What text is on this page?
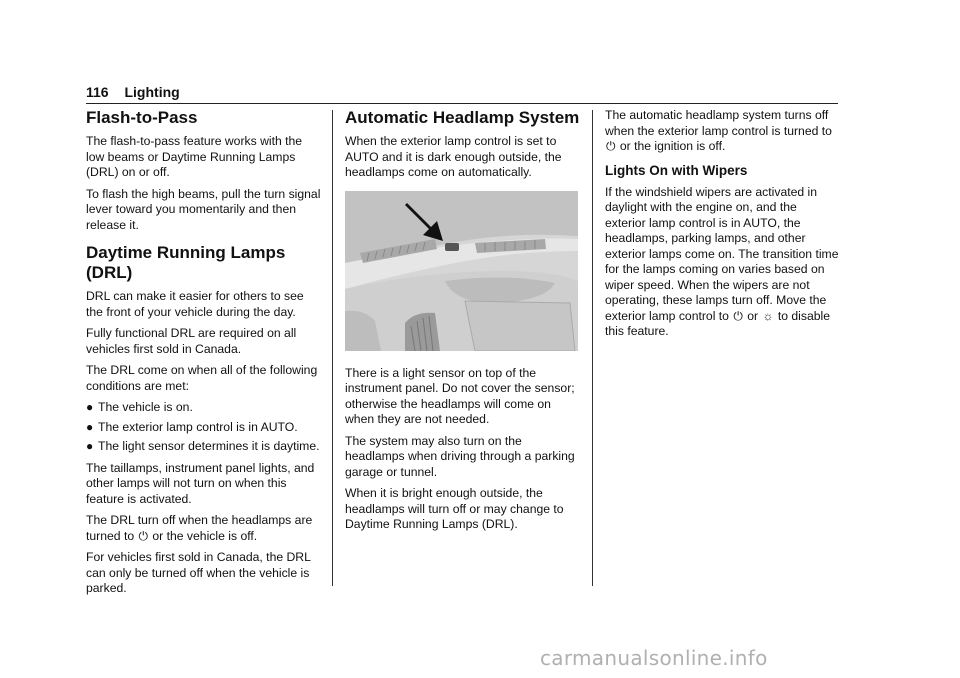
116 Lighting
Flash-to-Pass

The flash-to-pass feature works with the low beams or Daytime Running Lamps (DRL) on or off.

To flash the high beams, pull the turn signal lever toward you momentarily and then release it.

Daytime Running Lamps (DRL)

DRL can make it easier for others to see the front of your vehicle during the day.

Fully functional DRL are required on all vehicles first sold in Canada.

The DRL come on when all of the following conditions are met:

● The vehicle is on.
● The exterior lamp control is in AUTO.
● The light sensor determines it is daytime.

The taillamps, instrument panel lights, and other lamps will not turn on when this feature is activated.

The DRL turn off when the headlamps are turned to ⏻ or the vehicle is off.

For vehicles first sold in Canada, the DRL can only be turned off when the vehicle is parked.

Automatic Headlamp System

When the exterior lamp control is set to AUTO and it is dark enough outside, the headlamps come on automatically.

There is a light sensor on top of the instrument panel. Do not cover the sensor; otherwise the headlamps will come on when they are not needed.

The system may also turn on the headlamps when driving through a parking garage or tunnel.

When it is bright enough outside, the headlamps will turn off or may change to Daytime Running Lamps (DRL).

The automatic headlamp system turns off when the exterior lamp control is turned to
⏻ or the ignition is off.

Lights On with Wipers

If the windshield wipers are activated in daylight with the engine on, and the exterior lamp control is in AUTO, the headlamps, parking lamps, and other exterior lamps come on. The transition time for the lamps coming on varies based on wiper speed. When the wipers are not operating, these lamps turn off. Move the exterior lamp control to ⏻ or ☼ to disable this feature.

carmanualsonline.info
